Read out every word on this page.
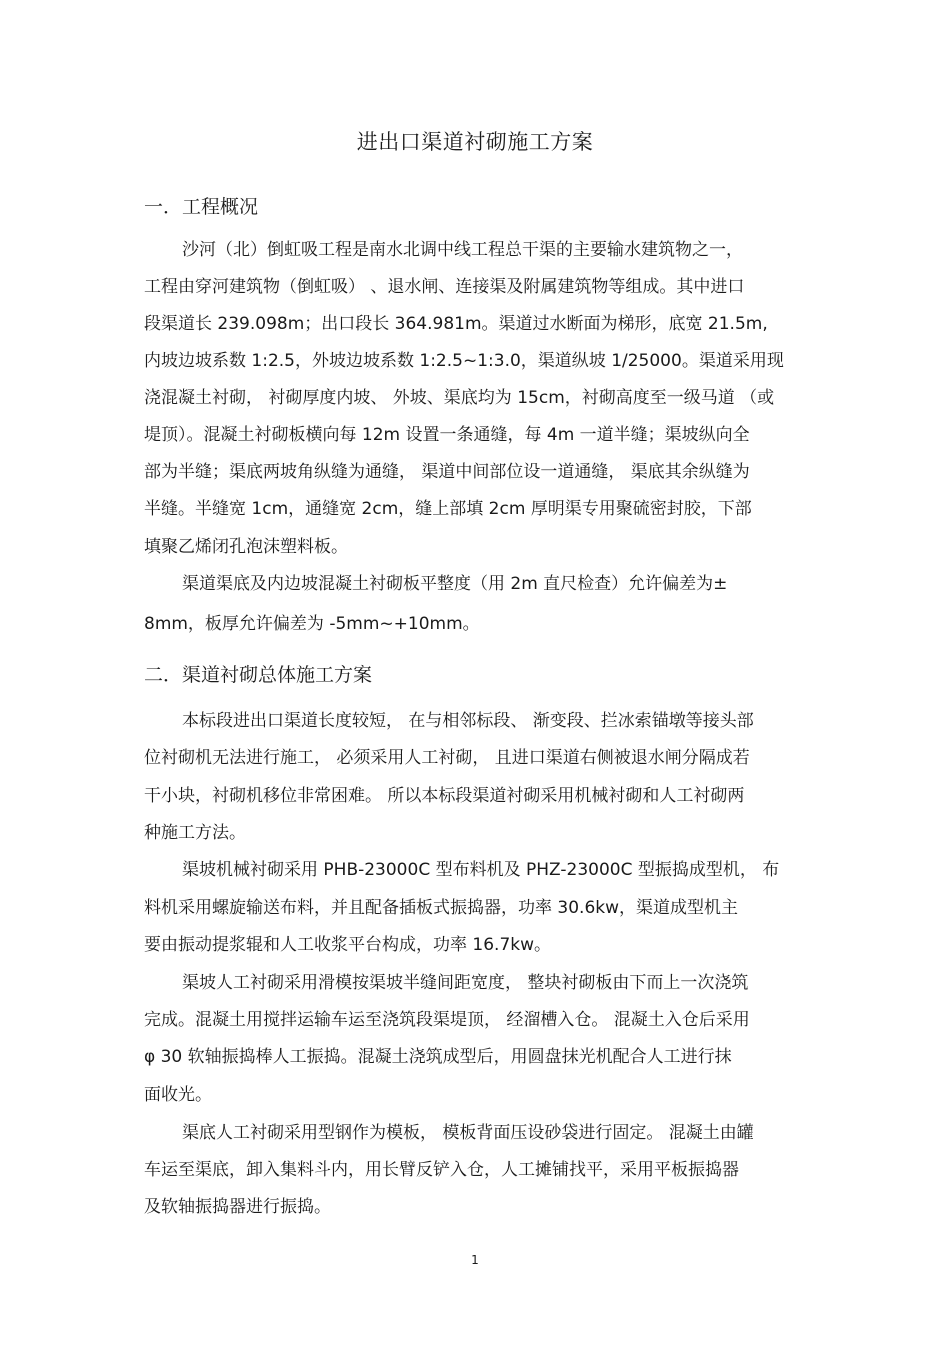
进出口渠道衬砌施工方案
一．工程概况
沙河（北）倒虹吸工程是南水北调中线工程总干渠的主要输水建筑物之一，
工程由穿河建筑物（倒虹吸） 、退水闸、连接渠及附属建筑物等组成。其中进口
段渠道长 239.098m；出口段长 364.981m。渠道过水断面为梯形，底宽 21.5m,
内坡边坡系数 1:2.5，外坡边坡系数 1:2.5~1:3.0，渠道纵坡 1/25000。渠道采用现
浇混凝土衬砌， 衬砌厚度内坡、 外坡、渠底均为 15cm，衬砌高度至一级马道 （或
堤顶）。混凝土衬砌板横向每 12m 设置一条通缝，每 4m 一道半缝；渠坡纵向全
部为半缝；渠底两坡角纵缝为通缝， 渠道中间部位设一道通缝， 渠底其余纵缝为
半缝。半缝宽 1cm，通缝宽 2cm，缝上部填 2cm 厚明渠专用聚硫密封胶，下部
填聚乙烯闭孔泡沫塑料板。
渠道渠底及内边坡混凝土衬砌板平整度（用 2m 直尺检查）允许偏差为±
8mm，板厚允许偏差为 -5mm~+10mm。
二．渠道衬砌总体施工方案
本标段进出口渠道长度较短， 在与相邻标段、 渐变段、拦冰索锚墩等接头部
位衬砌机无法进行施工， 必须采用人工衬砌， 且进口渠道右侧被退水闸分隔成若
干小块，衬砌机移位非常困难。 所以本标段渠道衬砌采用机械衬砌和人工衬砌两
种施工方法。
渠坡机械衬砌采用 PHB-23000C 型布料机及 PHZ-23000C 型振捣成型机， 布
料机采用螺旋输送布料，并且配备插板式振捣器，功率 30.6kw，渠道成型机主
要由振动提浆辊和人工收浆平台构成，功率 16.7kw。
渠坡人工衬砌采用滑模按渠坡半缝间距宽度， 整块衬砌板由下而上一次浇筑
完成。混凝土用搅拌运输车运至浇筑段渠堤顶， 经溜槽入仓。 混凝土入仓后采用
φ 30 软轴振捣棒人工振捣。混凝土浇筑成型后，用圆盘抹光机配合人工进行抹
面收光。
渠底人工衬砌采用型钢作为模板， 模板背面压设砂袋进行固定。 混凝土由罐
车运至渠底，卸入集料斗内，用长臂反铲入仓，人工摊铺找平，采用平板振捣器
及软轴振捣器进行振捣。
1
